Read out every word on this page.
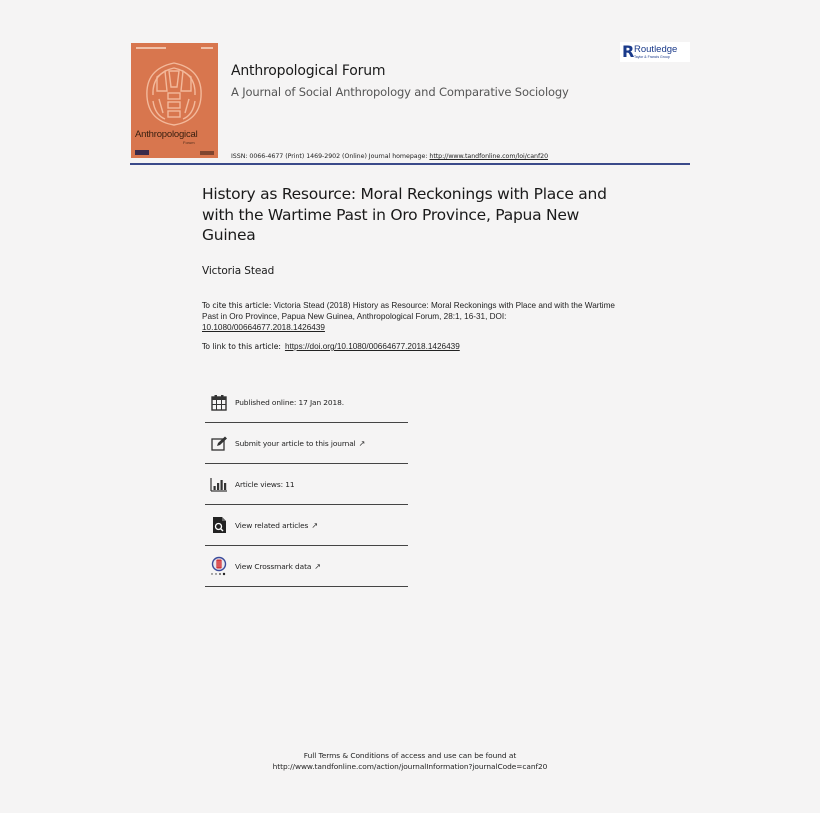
Anthropological
Forum
Anthropological Forum
A Journal of Social Anthropology and Comparative Sociology
R Routledge
Taylor & Francis Group
ISSN: 0066-4677 (Print) 1469-2902 (Online) Journal homepage: http://www.tandfonline.com/loi/canf20
History as Resource: Moral Reckonings with Place and with the Wartime Past in Oro Province, Papua New Guinea
Victoria Stead
To cite this article: Victoria Stead (2018) History as Resource: Moral Reckonings with Place and with the Wartime Past in Oro Province, Papua New Guinea, Anthropological Forum, 28:1, 16-31, DOI: 10.1080/00664677.2018.1426439
To link to this article: https://doi.org/10.1080/00664677.2018.1426439
Published online: 17 Jan 2018.
Submit your article to this journal ↗
Article views: 11
View related articles ↗
View Crossmark data ↗
Full Terms & Conditions of access and use can be found at
http://www.tandfonline.com/action/journalInformation?journalCode=canf20
